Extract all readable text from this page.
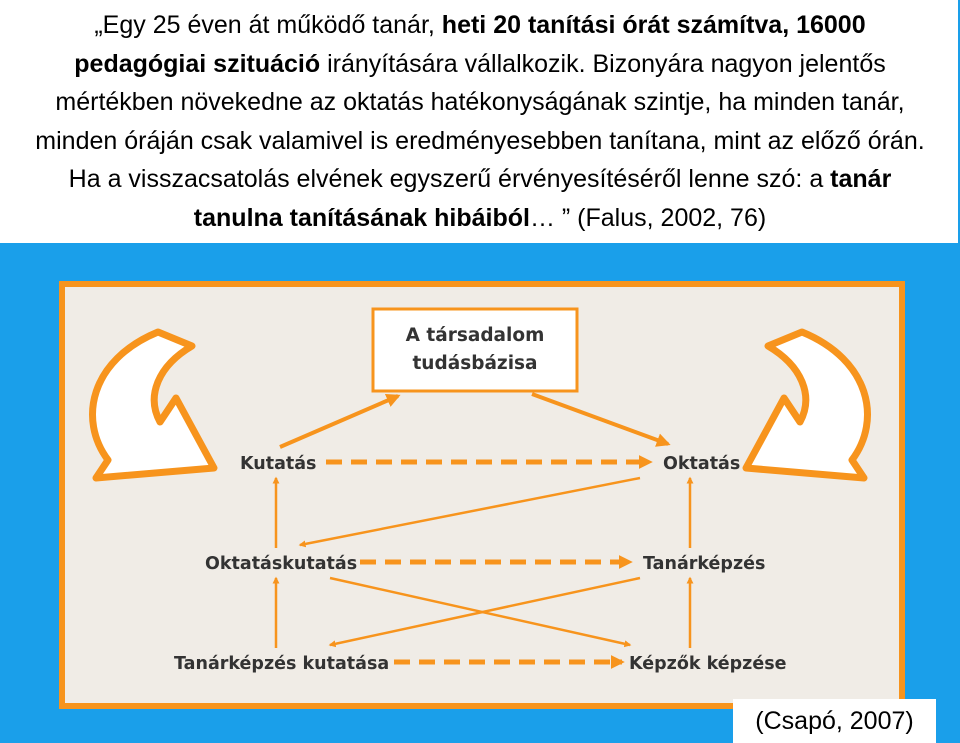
„Egy 25 éven át működő tanár, heti 20 tanítási órát számítva, 16000
pedagógiai szituáció irányítására vállalkozik. Bizonyára nagyon jelentős
mértékben növekedne az oktatás hatékonyságának szintje, ha minden tanár,
minden óráján csak valamivel is eredményesebben tanítana, mint az előző órán.
Ha a visszacsatolás elvének egyszerű érvényesítéséről lenne szó: a tanár
tanulna tanításának hibáiból… ” (Falus, 2002, 76)

A társadalom
tudásbázisa
Kutatás	Oktatás
Oktatáskutatás	Tanárképzés
Tanárképzés kutatása	Képzők képzése
(Csapó, 2007)
